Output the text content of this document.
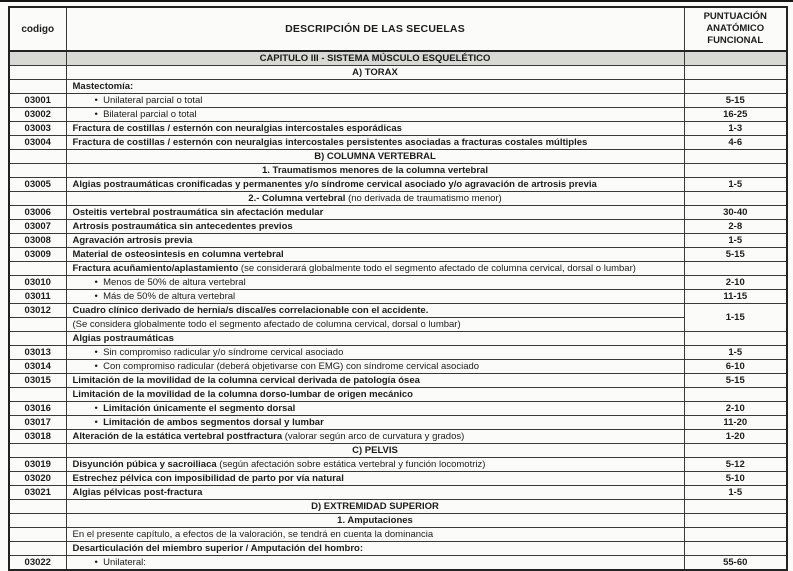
codigo	DESCRIPCIÓN DE LAS SECUELAS	PUNTUACIÓN
ANATÓMICO
FUNCIONAL

	CAPITULO III - SISTEMA MÚSCULO ESQUELÉTICO	
	A) TORAX	
	Mastectomía:	
03001	•  Unilateral parcial o total	5-15
03002	•  Bilateral parcial o total	16-25
03003	Fractura de costillas / esternón con neuralgias intercostales esporádicas	1-3
03004	Fractura de costillas / esternón con neuralgias intercostales persistentes asociadas a fracturas costales múltiples	4-6
	B) COLUMNA VERTEBRAL	
	1. Traumatismos menores de la columna vertebral	
03005	Algias postraumáticas cronificadas y permanentes y/o síndrome cervical asociado y/o agravación de artrosis previa	1-5
	2.- Columna vertebral (no derivada de traumatismo menor)	
03006	Osteitis vertebral postraumática sin afectación medular	30-40
03007	Artrosis postraumática sin antecedentes previos	2-8
03008	Agravación artrosis previa	1-5
03009	Material de osteosintesis en columna vertebral	5-15
	Fractura acuñamiento/aplastamiento (se considerará globalmente todo el segmento afectado de columna cervical, dorsal o lumbar)	
03010	•  Menos de 50% de altura vertebral	2-10
03011	•  Más de 50% de altura vertebral	11-15
03012	Cuadro clínico derivado de hernia/s discal/es correlacionable con el accidente.	1-15
	(Se considera globalmente todo el segmento afectado de columna cervical, dorsal o lumbar)	
	Algias postraumáticas	
03013	•  Sin compromiso radicular y/o síndrome cervical asociado	1-5
03014	•  Con compromiso radicular (deberá objetivarse con EMG) con síndrome cervical asociado	6-10
03015	Limitación de la movilidad de la columna cervical derivada de patología ósea	5-15
	Limitación de la movilidad de la columna dorso-lumbar de origen mecánico	
03016	•  Limitación únicamente el segmento dorsal	2-10
03017	•  Limitación de ambos segmentos dorsal y lumbar	11-20
03018	Alteración de la estática vertebral postfractura (valorar según arco de curvatura y grados)	1-20
	C) PELVIS	
03019	Disyunción púbica y sacroiliaca (según afectación sobre estática vertebral y función locomotriz)	5-12
03020	Estrechez pélvica con imposibilidad de parto por vía natural	5-10
03021	Algias pélvicas post-fractura	1-5
	D) EXTREMIDAD SUPERIOR	
	1. Amputaciones	
	En el presente capítulo, a efectos de la valoración, se tendrá en cuenta la dominancia	
	Desarticulación del miembro superior / Amputación del hombro:	
03022	•  Unilateral:	55-60
